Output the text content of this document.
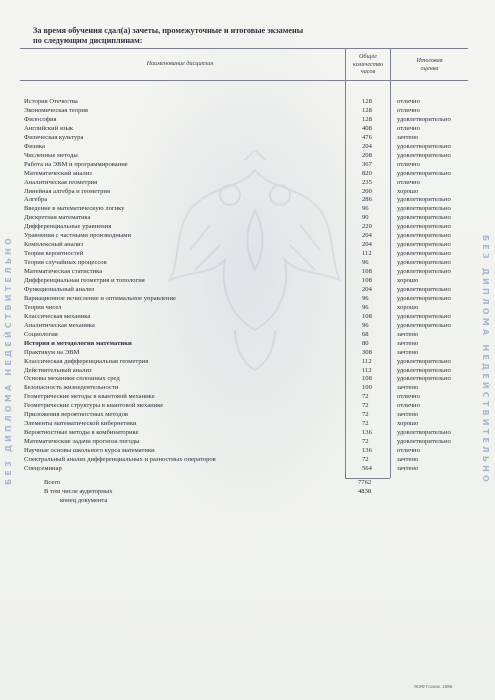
БЕЗ ДИПЛОМА НЕДЕЙСТВИТЕЛЬНО	БЕЗ ДИПЛОМА НЕДЕЙСТВИТЕЛЬНО
За время обучения сдал(а) зачеты, промежуточные и итоговые экзамены
по следующим дисциплинам:
Наименование дисциплин
Общее
количество
часов
Итоговая
оценка
История Отечества	128	отлично
Экономическая теория	128	отлично
Философия	128	удовлетворительно
Английский язык	408	отлично
Физическая культура	476	зачтено
Физика	204	удовлетворительно
Численные методы	208	удовлетворительно
Работа на ЭВМ и программирование	367	отлично
Математический анализ	820	удовлетворительно
Аналитическая геометрия	235	отлично
Линейная алгебра и геометрия	200	хорошо
Алгебра	286	удовлетворительно
Введение в математическую логику	96	удовлетворительно
Дискретная математика	90	удовлетворительно
Дифференциальные уравнения	220	удовлетворительно
Уравнения с частными производными	204	удовлетворительно
Комплексный анализ	204	удовлетворительно
Теория вероятностей	112	удовлетворительно
Теория случайных процессов	96	удовлетворительно
Математическая статистика	108	удовлетворительно
Дифференциальная геометрия и топология	108	хорошо
Функциональный анализ	204	удовлетворительно
Вариационное исчисление и оптимальное управление	96	удовлетворительно
Теория чисел	96	хорошо
Классическая механика	108	удовлетворительно
Аналитическая механика	96	удовлетворительно
Социология	68	зачтено
История и методология математики	80	зачтено
Практикум на ЭВМ	308	зачтено
Классическая дифференциальная геометрия	112	удовлетворительно
Действительный анализ	112	удовлетворительно
Основы механики сплошных сред	108	удовлетворительно
Безопасность жизнедеятельности	100	зачтено
Геометрические методы в квантовой механике	72	отлично
Геометрические структуры в квантовой механике	72	отлично
Приложения вероятностных методов	72	зачтено
Элементы математической кибернетики	72	хорошо
Вероятностные методы в комбинаторике	136	удовлетворительно
Математические задачи прогноза погоды	72	удовлетворительно
Научные основы школьного курса математики	136	отлично
Спектральный анализ дифференциальных и разностных операторов	72	зачтено
Спецсеминар	564	зачтено
Всего	7762
В том числе аудиторных	4838
конец документа
ЖЭФ Гознак. 1996.
